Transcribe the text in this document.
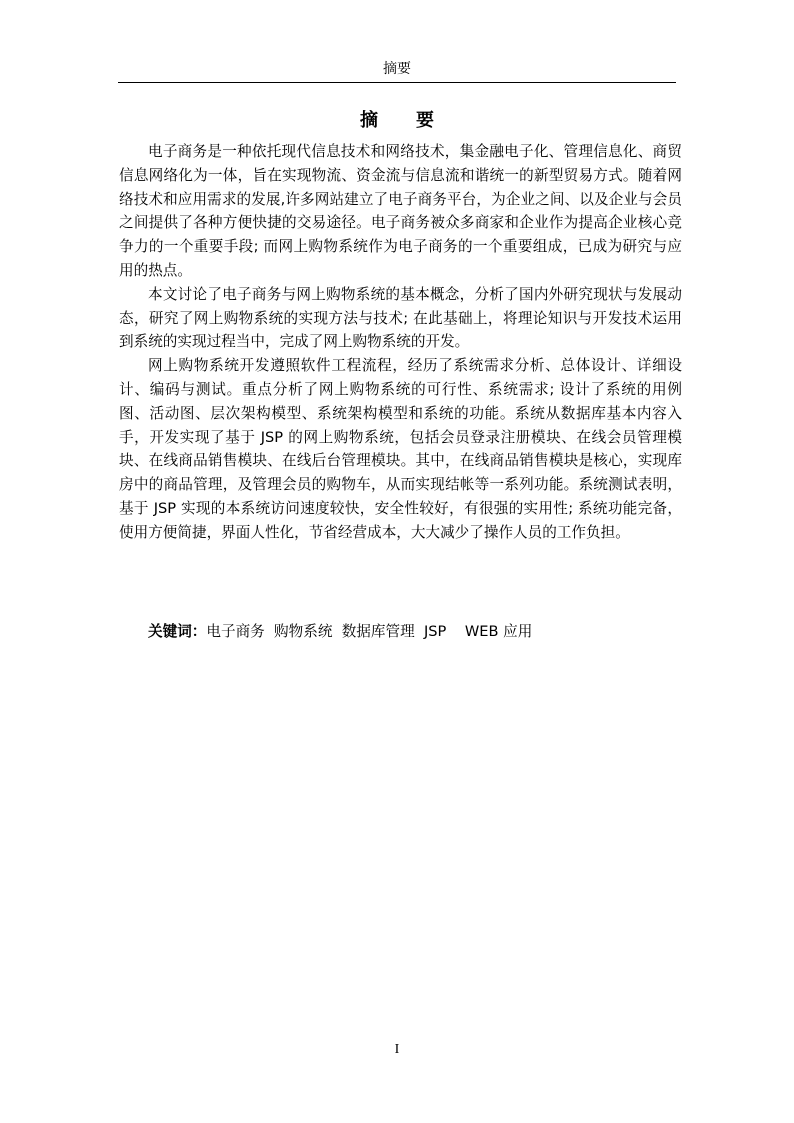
摘要
摘 要

电子商务是一种依托现代信息技术和网络技术，集金融电子化、管理信息化、商贸信息网络化为一体，旨在实现物流、资金流与信息流和谐统一的新型贸易方式。随着网络技术和应用需求的发展,许多网站建立了电子商务平台，为企业之间、以及企业与会员之间提供了各种方便快捷的交易途径。电子商务被众多商家和企业作为提高企业核心竞争力的一个重要手段; 而网上购物系统作为电子商务的一个重要组成，已成为研究与应用的热点。

本文讨论了电子商务与网上购物系统的基本概念，分析了国内外研究现状与发展动态，研究了网上购物系统的实现方法与技术; 在此基础上，将理论知识与开发技术运用到系统的实现过程当中，完成了网上购物系统的开发。

网上购物系统开发遵照软件工程流程，经历了系统需求分析、总体设计、详细设计、编码与测试。重点分析了网上购物系统的可行性、系统需求; 设计了系统的用例图、活动图、层次架构模型、系统架构模型和系统的功能。系统从数据库基本内容入手，开发实现了基于 JSP 的网上购物系统，包括会员登录注册模块、在线会员管理模块、在线商品销售模块、在线后台管理模块。其中，在线商品销售模块是核心，实现库房中的商品管理，及管理会员的购物车，从而实现结帐等一系列功能。系统测试表明，基于 JSP 实现的本系统访问速度较快，安全性较好，有很强的实用性; 系统功能完备，使用方便简捷，界面人性化，节省经营成本，大大减少了操作人员的工作负担。

关键词：电子商务  购物系统  数据库管理  JSP    WEB 应用
I
